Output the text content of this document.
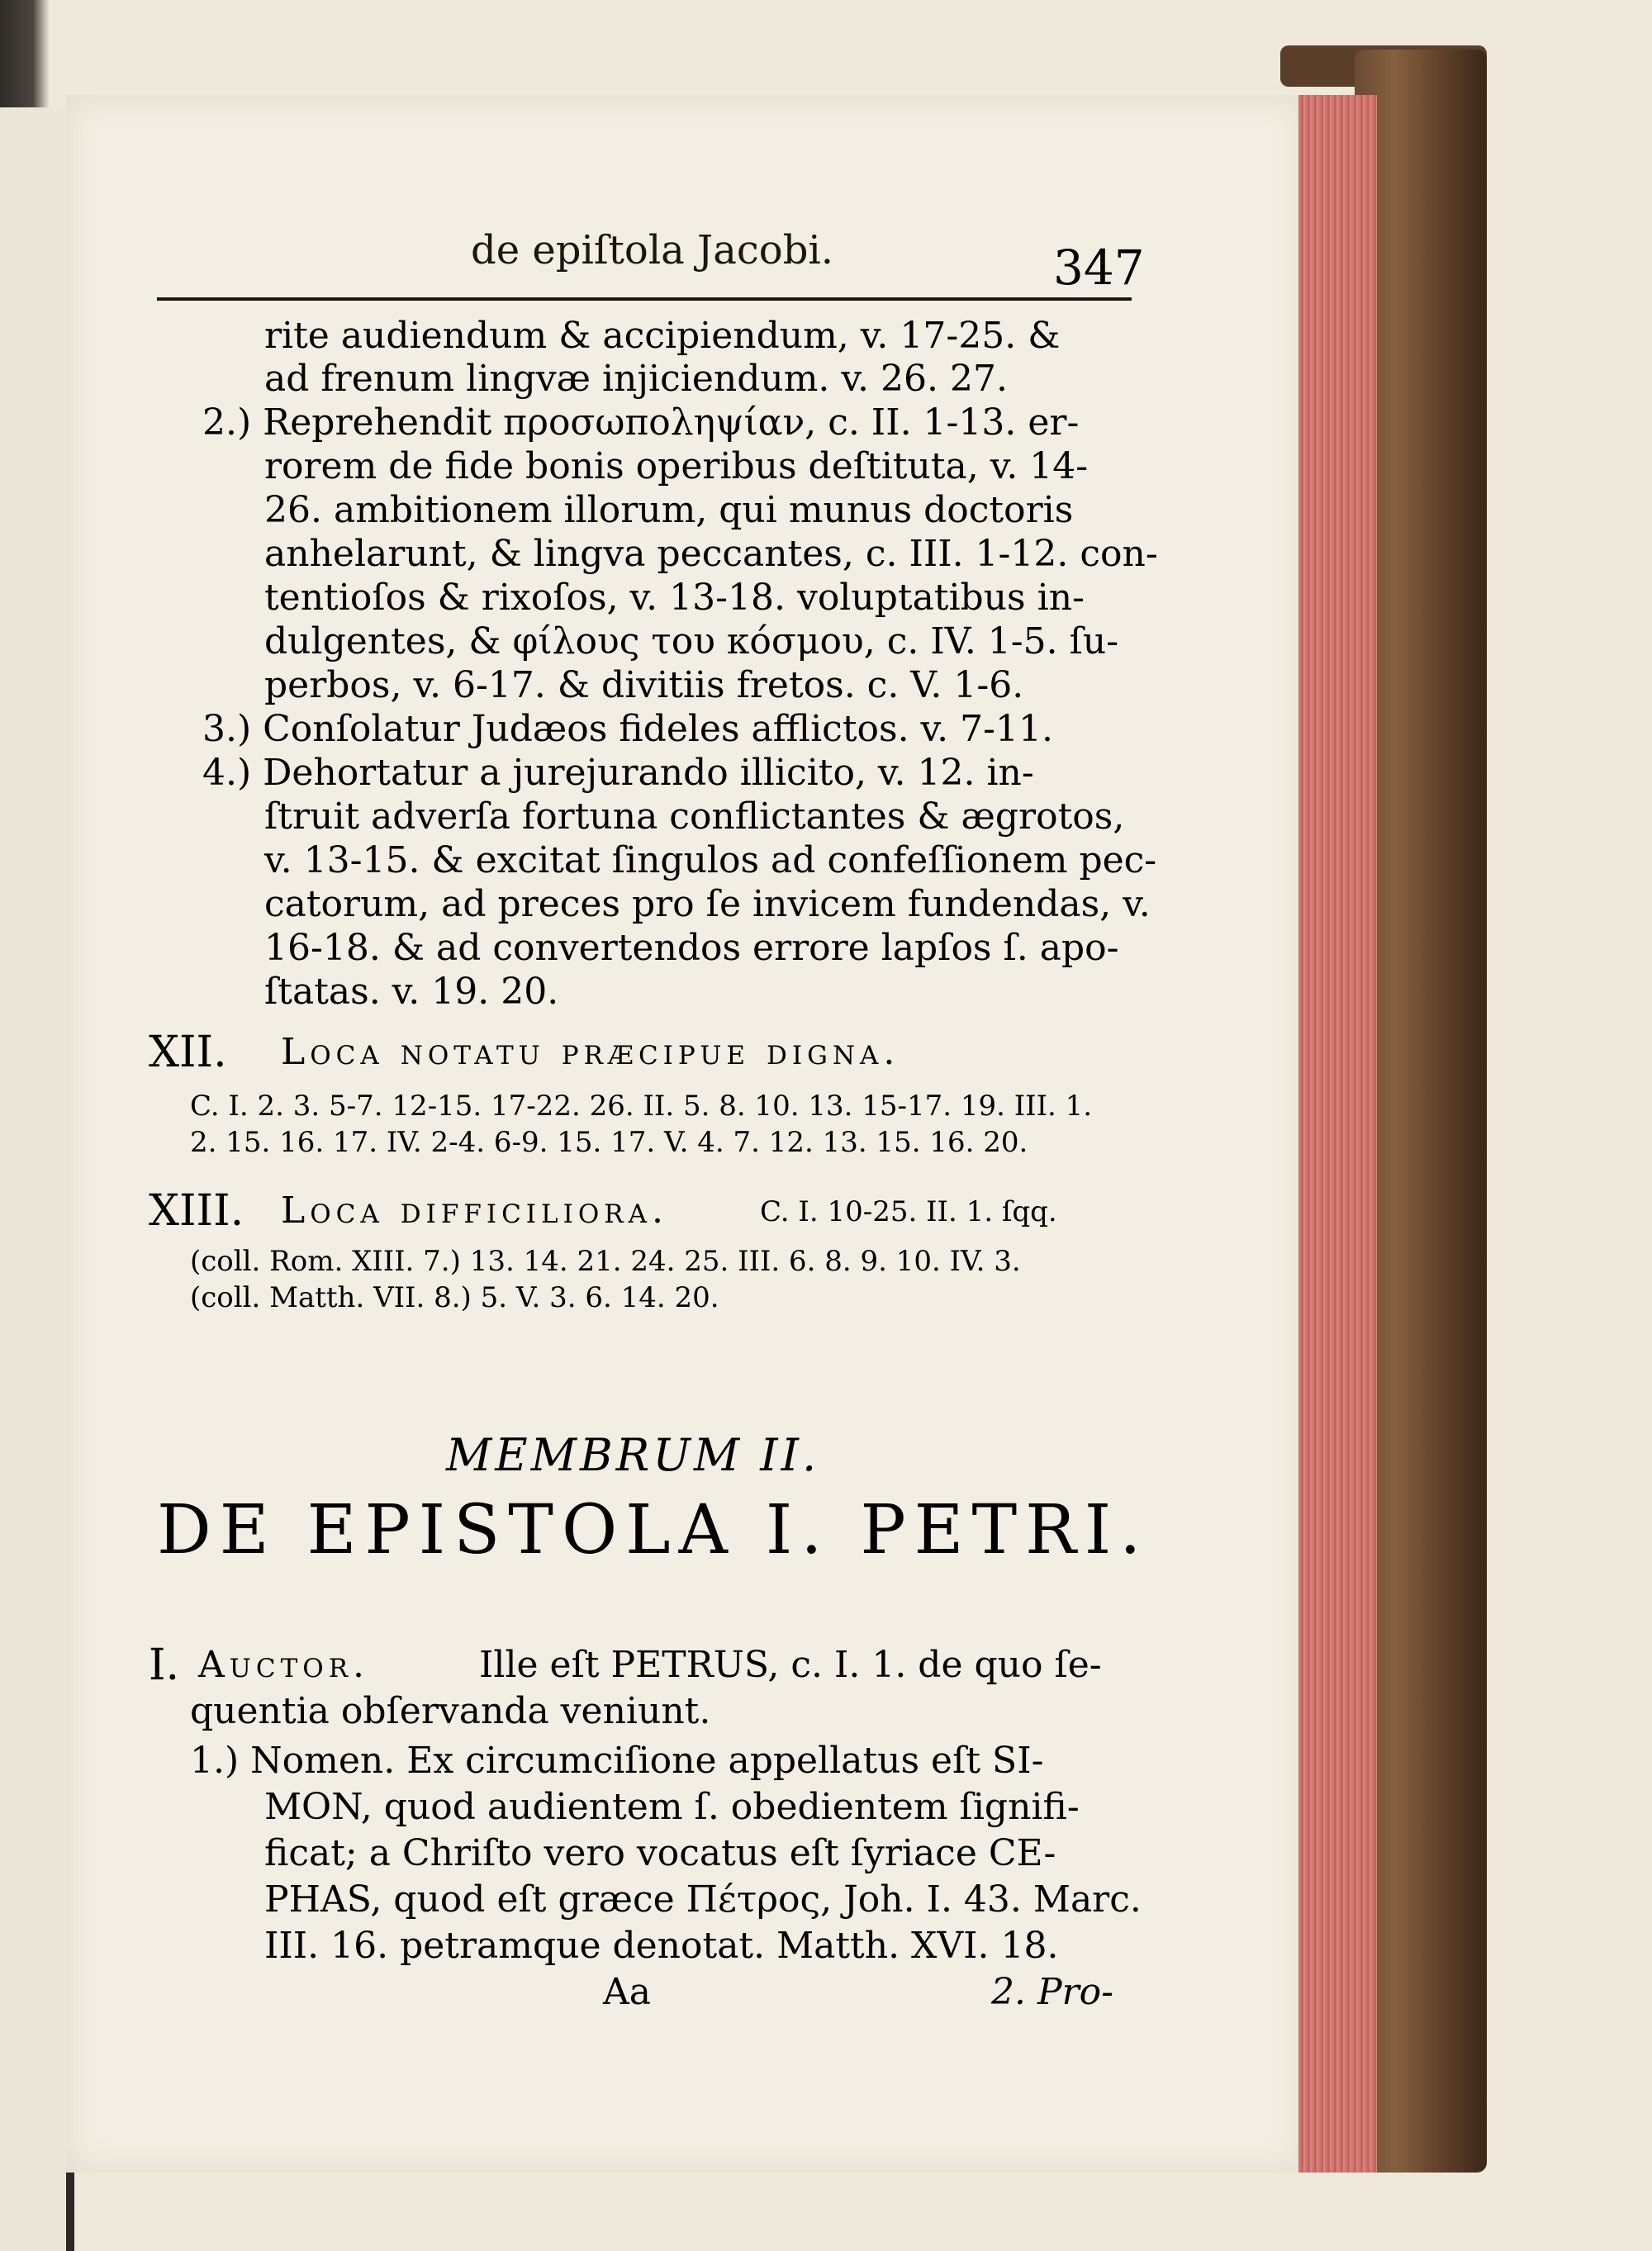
de epiſtola Jacobi.	347
rite audiendum & accipiendum, v. 17-25. &
ad frenum lingvæ injiciendum. v. 26. 27.
2.) Reprehendit προσωποληψίαν, c. II. 1-13. er-
rorem de fide bonis operibus deſtituta, v. 14-
26. ambitionem illorum, qui munus doctoris
anhelarunt, & lingva peccantes, c. III. 1-12. con-
tentioſos & rixoſos, v. 13-18. voluptatibus in-
dulgentes, & φίλους του κόσμου, c. IV. 1-5. ſu-
perbos, v. 6-17. & divitiis fretos. c. V. 1-6.
3.) Conſolatur Judæos fideles afflictos. v. 7-11.
4.) Dehortatur a jurejurando illicito, v. 12. in-
ſtruit adverſa fortuna conflictantes & ægrotos,
v. 13-15. & excitat ſingulos ad confeſſionem pec-
catorum, ad preces pro ſe invicem fundendas, v.
16-18. & ad convertendos errore lapſos ſ. apo-
ſtatas. v. 19. 20.
XII. Loca notatu præcipue digna.
C. I. 2. 3. 5-7. 12-15. 17-22. 26. II. 5. 8. 10. 13. 15-17. 19. III. 1.
2. 15. 16. 17. IV. 2-4. 6-9. 15. 17. V. 4. 7. 12. 13. 15. 16. 20.
XIII. Loca difficiliora.	C. I. 10-25. II. 1. ſqq.
(coll. Rom. XIII. 7.) 13. 14. 21. 24. 25. III. 6. 8. 9. 10. IV. 3.
(coll. Matth. VII. 8.) 5. V. 3. 6. 14. 20.
MEMBRUM II.
DE EPISTOLA I. PETRI.
I. Auctor.	Ille eſt PETRUS, c. I. 1. de quo ſe-
quentia obſervanda veniunt.
1.) Nomen. Ex circumciſione appellatus eſt SI-
MON, quod audientem ſ. obedientem ſignifi-
ficat; a Chriſto vero vocatus eſt ſyriace CE-
PHAS, quod eſt græce Πέτρος, Joh. I. 43. Marc.
III. 16. petramque denotat. Matth. XVI. 18.
Aa	2. Pro-
